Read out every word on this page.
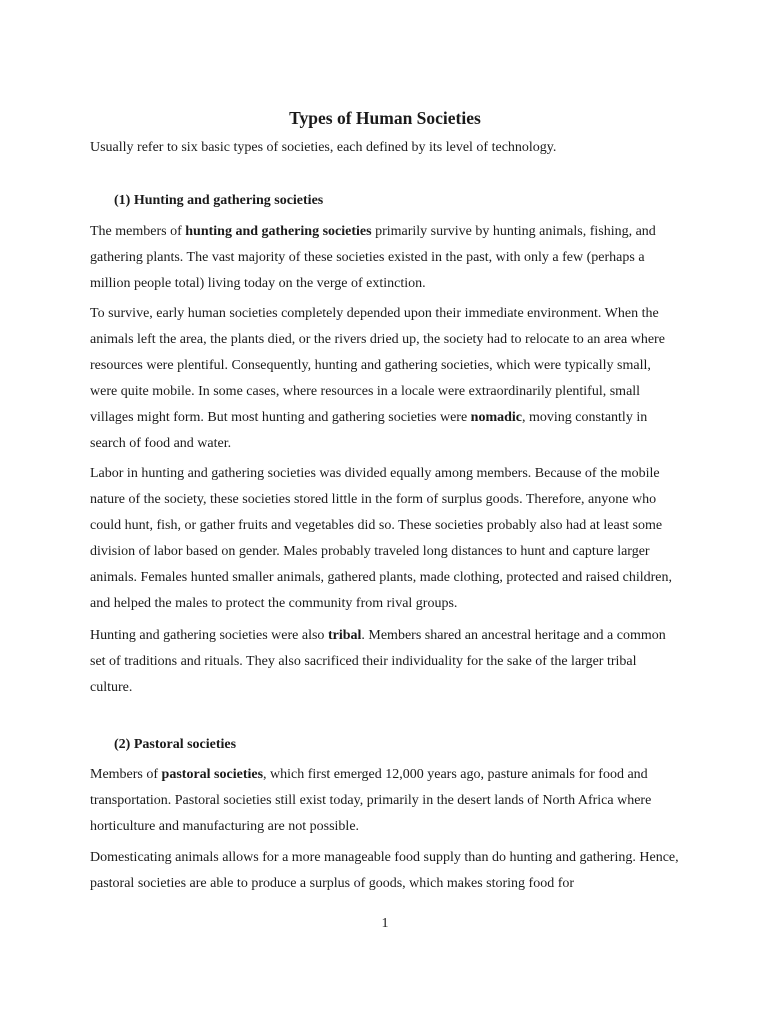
Types of Human Societies

Usually refer to six basic types of societies, each defined by its level of technology.

(1) Hunting and gathering societies

The members of hunting and gathering societies primarily survive by hunting animals, fishing, and gathering plants. The vast majority of these societies existed in the past, with only a few (perhaps a million people total) living today on the verge of extinction.

To survive, early human societies completely depended upon their immediate environment. When the animals left the area, the plants died, or the rivers dried up, the society had to relocate to an area where resources were plentiful. Consequently, hunting and gathering societies, which were typically small, were quite mobile. In some cases, where resources in a locale were extraordinarily plentiful, small villages might form. But most hunting and gathering societies were nomadic, moving constantly in search of food and water.

Labor in hunting and gathering societies was divided equally among members. Because of the mobile nature of the society, these societies stored little in the form of surplus goods. Therefore, anyone who could hunt, fish, or gather fruits and vegetables did so. These societies probably also had at least some division of labor based on gender. Males probably traveled long distances to hunt and capture larger animals. Females hunted smaller animals, gathered plants, made clothing, protected and raised children, and helped the males to protect the community from rival groups.

Hunting and gathering societies were also tribal. Members shared an ancestral heritage and a common set of traditions and rituals. They also sacrificed their individuality for the sake of the larger tribal culture.

(2) Pastoral societies

Members of pastoral societies, which first emerged 12,000 years ago, pasture animals for food and transportation. Pastoral societies still exist today, primarily in the desert lands of North Africa where horticulture and manufacturing are not possible.

Domesticating animals allows for a more manageable food supply than do hunting and gathering. Hence, pastoral societies are able to produce a surplus of goods, which makes storing food for

1
